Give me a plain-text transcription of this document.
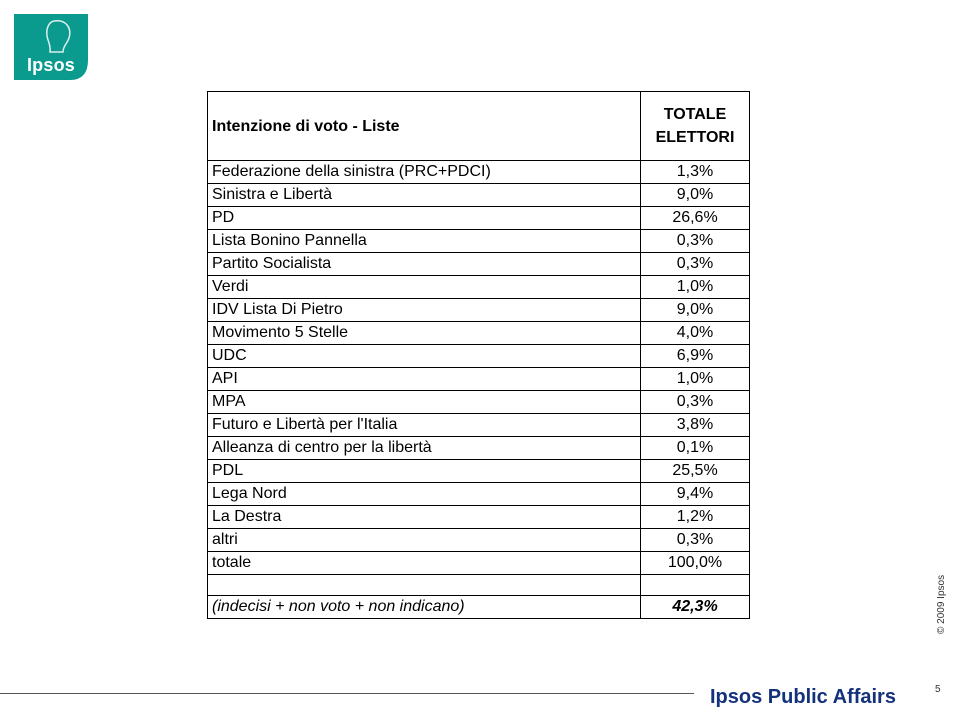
Ipsos
Intenzione di voto - Liste	TOTALE
ELETTORI

Federazione della sinistra (PRC+PDCI)	1,3%
Sinistra e Libertà	9,0%
PD	26,6%
Lista Bonino Pannella	0,3%
Partito Socialista	0,3%
Verdi	1,0%
IDV Lista Di Pietro	9,0%
Movimento 5 Stelle	4,0%
UDC	6,9%
API	1,0%
MPA	0,3%
Futuro e Libertà per l'Italia	3,8%
Alleanza di centro per la libertà	0,1%
PDL	25,5%
Lega Nord	9,4%
La Destra	1,2%
altri	0,3%
totale	100,0%

(indecisi + non voto + non indicano)	42,3%	© 2009 Ipsos
Ipsos Public Affairs	5
